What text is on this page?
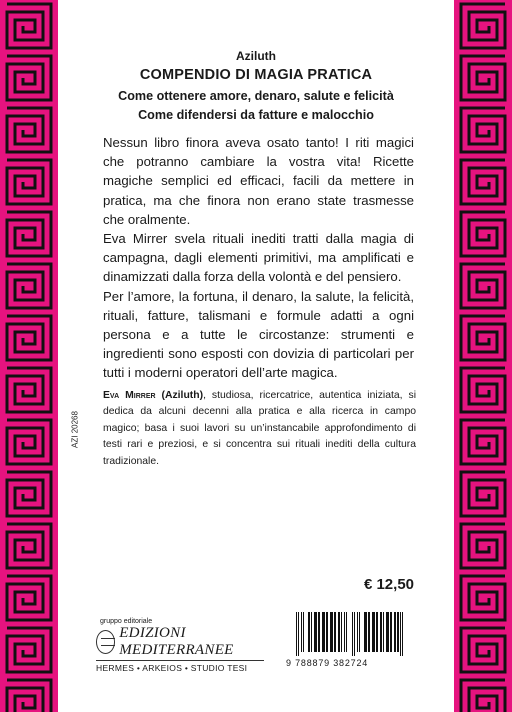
Aziluth
COMPENDIO DI MAGIA PRATICA
Come ottenere amore, denaro, salute e felicità
Come difendersi da fatture e malocchio

Nessun libro finora aveva osato tanto! I riti magici che potranno cambiare la vostra vita! Ricette magiche semplici ed efficaci, facili da mettere in pratica, ma che finora non erano state trasmesse che oralmente.

Eva Mirrer svela rituali inediti tratti dalla magia di campagna, dagli elementi primitivi, ma amplificati e dinamizzati dalla forza della volontà e del pensiero.

Per l’amore, la fortuna, il denaro, la salute, la felicità, rituali, fatture, talismani e formule adatti a ogni persona e a tutte le circostanze: strumenti e ingredienti sono esposti con dovizia di particolari per tutti i moderni operatori dell’arte magica.

Eva Mirrer (Aziluth), studiosa, ricercatrice, autentica iniziata, si dedica da alcuni decenni alla pratica e alla ricerca in campo magico; basa i suoi lavori su un’instancabile approfondimento di testi rari e preziosi, e si concentra sui rituali inediti della cultura tradizionale.
AZI 20268
€ 12,50
gruppo editoriale
EDIZIONI MEDITERRANEE
HERMES • ARKEIOS • STUDIO TESI	9 788879 382724
